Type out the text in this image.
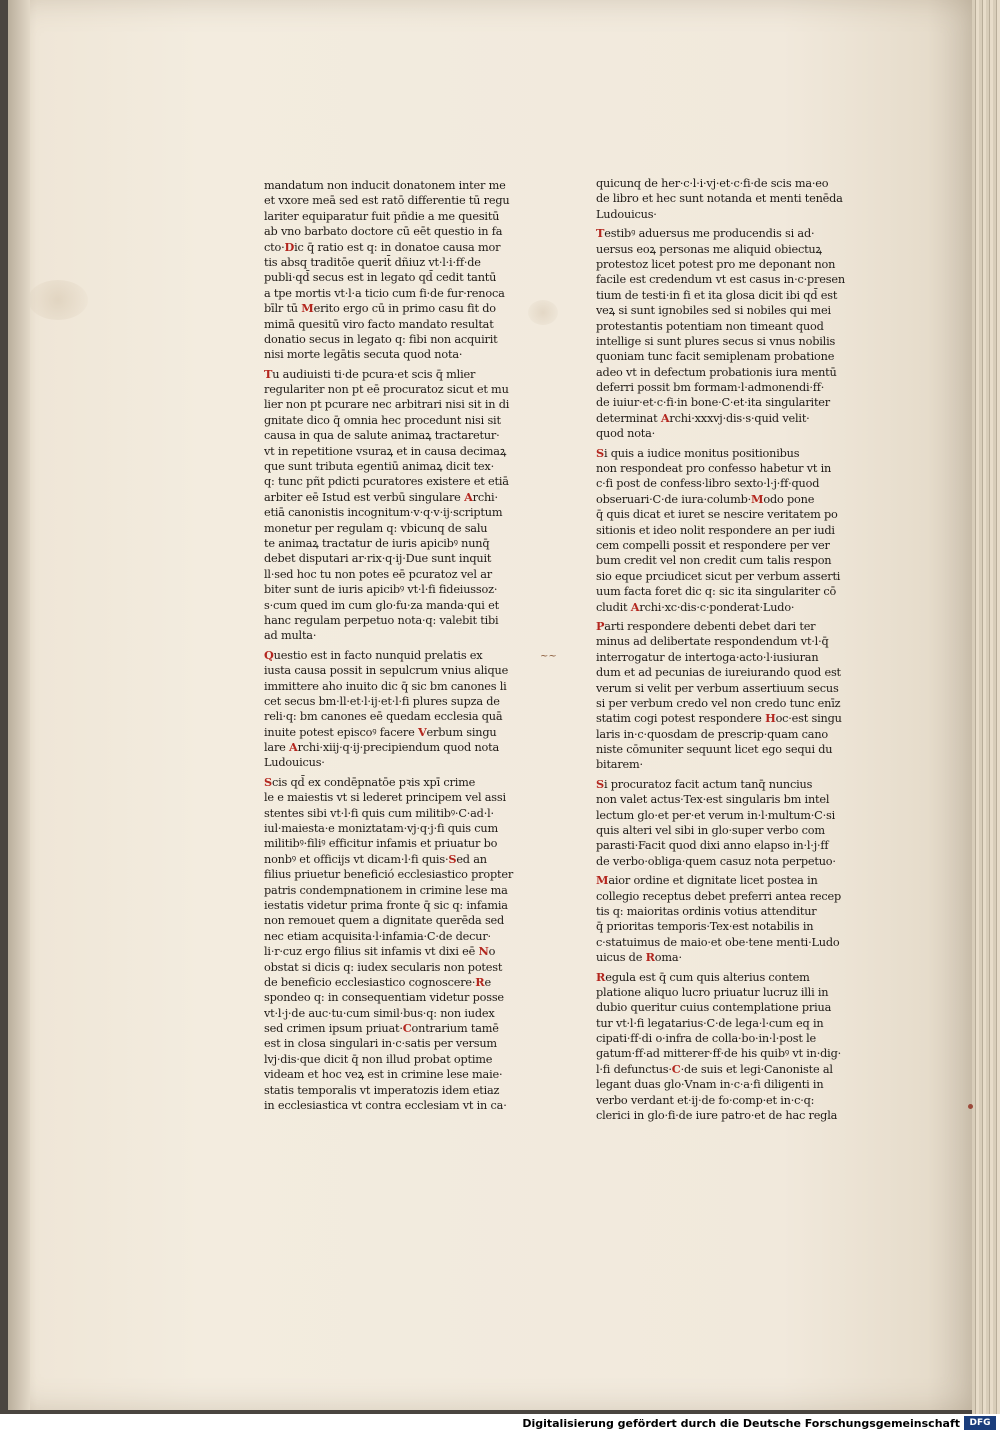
mandatum non inducit donatonem inter me
et vxore meā sed est ratō differentie tū regu
lariter equiparatur fuit pñdie a me quesitū
ab vno barbato doctore cū eēt questio in fa
cto·Dic q̄ ratio est q: in donatoe causa mor
tis absq traditōe querit̄ dñiuz vt·l·i·ff·de
publi·qd̄ secus est in legato qd̄ cedit tantū
a tpe mortis vt·l·a ticio cum fi·de fur·renoca
bīlr tū Merito ergo cū in primo casu fit do
mimā quesitū viro facto mandato resultat
donatio secus in legato q: fibi non acquirit
nisi morte legātis secuta quod nota·
Tu audiuisti ti·de pcura·et scis q̄ mlier
regulariter non pt eē procuratoz sicut et mu
lier non pt pcurare nec arbitrari nisi sit in di
gnitate dico q̄ omnia hec procedunt nisi sit
causa in qua de salute animaꝝ tractaretur·
vt in repetitione vsuraꝝ et in causa decimaꝝ
que sunt tributa egentiū animaꝝ dicit tex·
q: tunc pñt pdicti pcuratores existere et etiā
arbiter eē Istud est verbū singulare Archi·
etiā canonistis incognitum·v·q·v·ij·scriptum
monetur per regulam q: vbicunq de salu
te animaꝝ tractatur de iuris apicibꝰ nunq̄
debet disputari ar·rix·q·ij·Due sunt inquit
ll·sed hoc tu non potes eē pcuratoz vel ar
biter sunt de iuris apicibꝰ vt·l·fi fideiussoz·
s·cum qued im cum glo·fu·za manda·qui et
hanc regulam perpetuo nota·q: valebit tibi
ad multa·
Questio est in facto nunquid prelatis ex
iusta causa possit in sepulcrum vnius alique
immittere aho inuito dic q̄ sic bm canones li
cet secus bm·ll·et·l·ij·et·l·fi plures supza de
reli·q: bm canones eē quedam ecclesia quā
inuite potest episcoꝰ facere Verbum singu
lare Archi·xiij·q·ij·precipiendum quod nota
Ludouicus·
Scis qd̄ ex condēpnatōe pꝛis xpī crime
le e maiestis vt si lederet principem vel assi
stentes sibi vt·l·fi quis cum militibꝰ·C·ad·l·
iul·maiesta·e moniztatam·vj·q·j·fi quis cum
militibꝰ·filiꝰ efficitur infamis et priuatur bo
nonbꝰ et officijs vt dicam·l·fi quis·Sed an
filius priuetur benefició ecclesiastico propter
patris condempnationem in crimine lese ma
iestatis videtur prima fronte q̄ sic q: infamia
non remouet quem a dignitate querēda sed
nec etiam acquisita·l·infamia·C·de decur·
li·r·cuz ergo filius sit infamis vt dixi eē No
obstat si dicis q: iudex secularis non potest
de beneficio ecclesiastico cognoscere·Re
spondeo q: in consequentiam videtur posse
vt·l·j·de auc·tu·cum simil·bus·q: non iudex
sed crimen ipsum priuat·Contrarium tamē
est in closa singulari in·c·satis per versum
lvj·dis·que dicit q̄ non illud probat optime
videam et hoc veꝝ est in crimine lese maie·
statis temporalis vt imperatozis idem etiaz
in ecclesiastica vt contra ecclesiam vt in ca·
quicunq de her·c·l·i·vj·et·c·fi·de scis ma·eo
de libro et hec sunt notanda et menti tenēda
Ludouicus·
Testibꝰ aduersus me producendis si ad·
uersus eoꝝ personas me aliquid obiectuꝝ
protestoz licet potest pro me deponant non
facile est credendum vt est casus in·c·presen
tium de testi·in fi et ita glosa dicit ibi qd̄ est
veꝝ si sunt ignobiles sed si nobiles qui mei
protestantis potentiam non timeant quod
intellige si sunt plures secus si vnus nobilis
quoniam tunc facit semiplenam probatione
adeo vt in defectum probationis iura mentū
deferri possit bm formam·l·admonendi·ff·
de iuiur·et·c·fi·in bone·C·et·ita singulariter
determinat Archi·xxxvj·dis·s·quid velit·
quod nota·
Si quis a iudice monitus positionibus
non respondeat pro confesso habetur vt in
c·fi post de confess·libro sexto·l·j·ff·quod
obseruari·C·de iura·columb·Modo pone
q̄ quis dicat et iuret se nescire veritatem po
sitionis et ideo nolit respondere an per iudi
cem compelli possit et respondere per ver
bum credit vel non credit cum talis respon
sio eque prciudicet sicut per verbum asserti
uum facta foret dic q: sic ita singulariter cō
cludit Archi·xc·dis·c·ponderat·Ludo·
Parti respondere debenti debet dari ter
minus ad delibertate respondendum vt·l·q̄
interrogatur de intertoga·acto·l·iusiuran
dum et ad pecunias de iureiurando quod est
verum si velit per verbum assertiuum secus
si per verbum credo vel non credo tunc enīz
statim cogi potest respondere Hoc·est singu
laris in·c·quosdam de prescrip·quam cano
niste cōmuniter sequunt licet ego sequi du
bitarem·
Si procuratoz facit actum tanq̄ nuncius
non valet actus·Tex·est singularis bm intel
lectum glo·et per·et verum in·l·multum·C·si
quis alteri vel sibi in glo·super verbo com
parasti·Facit quod dixi anno elapso in·l·j·ff
de verbo·obliga·quem casuz nota perpetuo·
Maior ordine et dignitate licet postea in
collegio receptus debet preferri antea recep
tis q: maioritas ordinis votius attenditur
q̄ prioritas temporis·Tex·est notabilis in
c·statuimus de maio·et obe·tene menti·Ludo
uicus de Roma·
Regula est q̄ cum quis alterius contem
platione aliquo lucro priuatur lucruz illi in
dubio queritur cuius contemplatione priua
tur vt·l·fi legatarius·C·de lega·l·cum eq in
cipati·ff·di o·infra de colla·bo·in·l·post le
gatum·ff·ad mitterer·ff·de his quibꝰ vt in·dig·
l·fi defunctus·C·de suis et legi·Canoniste al
legant duas glo·Vnam in·c·a·fi diligenti in
verbo verdant et·ij·de fo·comp·et in·c·q:
clerici in glo·fi·de iure patro·et de hac regla
~~
Digitalisierung gefördert durch die Deutsche Forschungsgemeinschaft	DFG
